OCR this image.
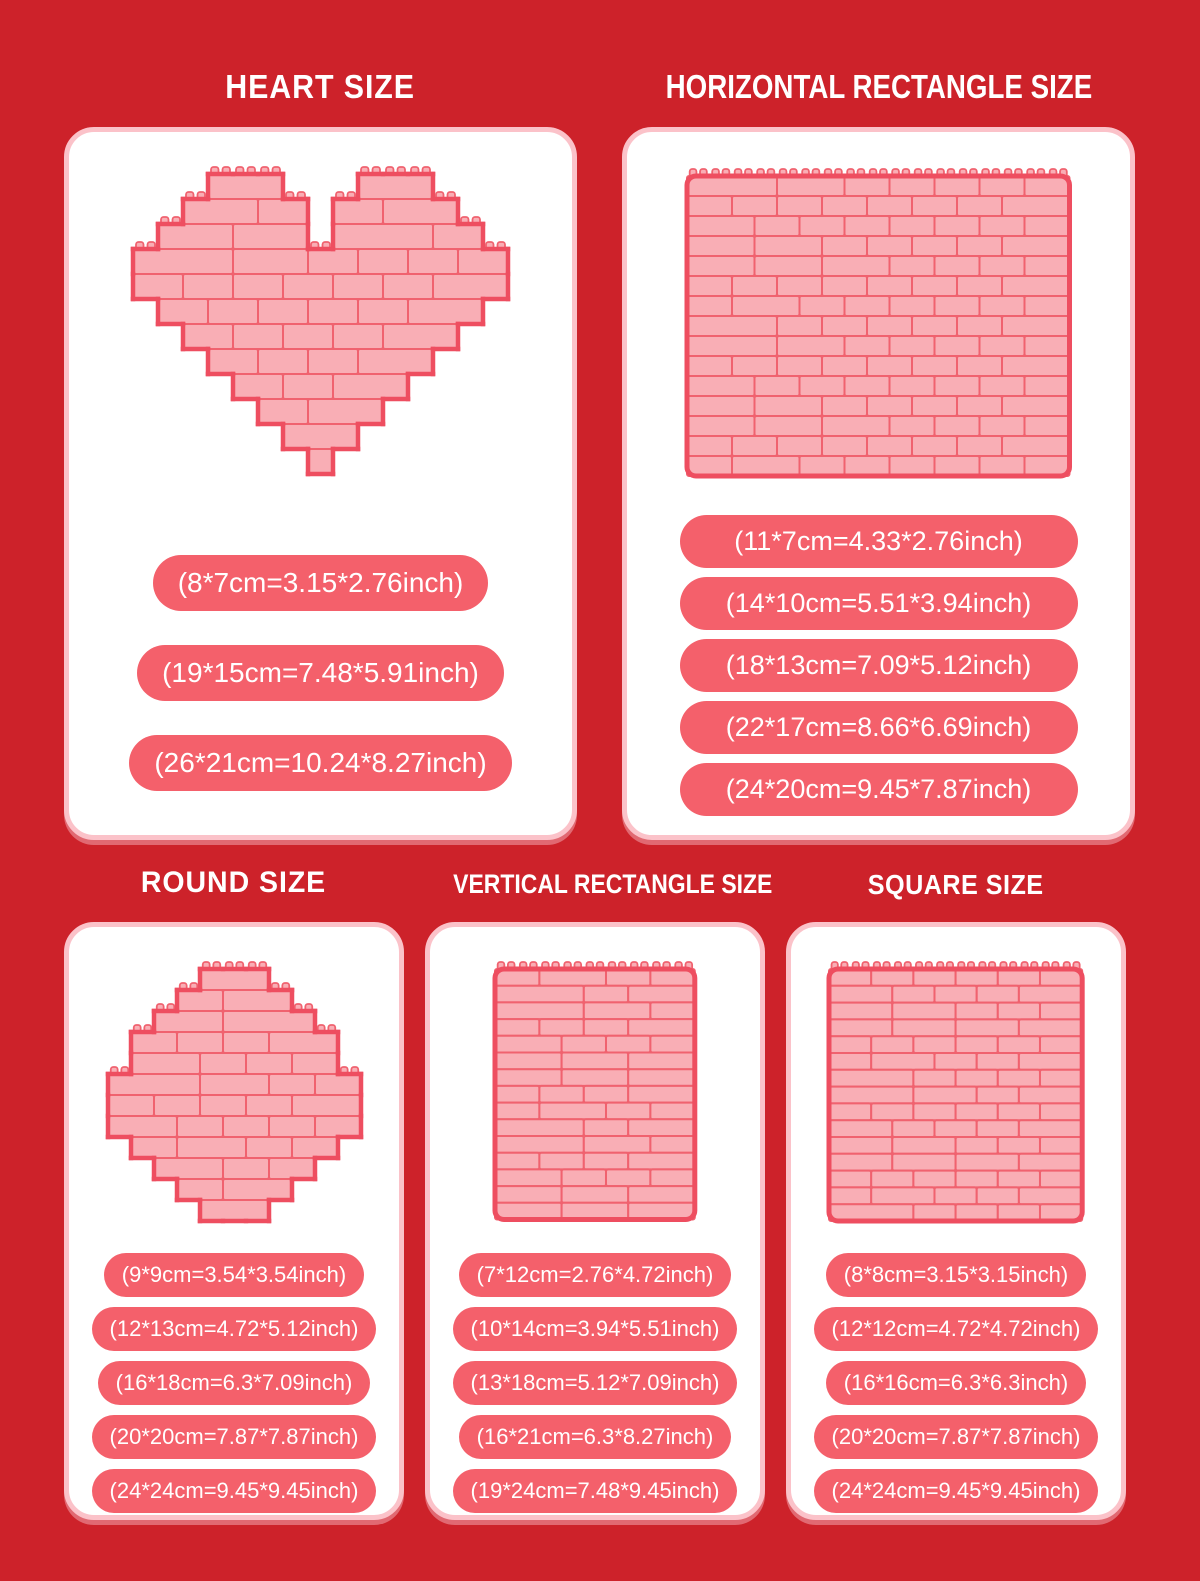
HEART SIZE	HORIZONTAL RECTANGLE SIZE
ROUND SIZE	VERTICAL RECTANGLE SIZE	SQUARE SIZE
(8*7cm=3.15*2.76inch)
(19*15cm=7.48*5.91inch)
(26*21cm=10.24*8.27inch)
(11*7cm=4.33*2.76inch)
(14*10cm=5.51*3.94inch)
(18*13cm=7.09*5.12inch)
(22*17cm=8.66*6.69inch)
(24*20cm=9.45*7.87inch)
(9*9cm=3.54*3.54inch)
(12*13cm=4.72*5.12inch)
(16*18cm=6.3*7.09inch)
(20*20cm=7.87*7.87inch)
(24*24cm=9.45*9.45inch)
(7*12cm=2.76*4.72inch)
(10*14cm=3.94*5.51inch)
(13*18cm=5.12*7.09inch)
(16*21cm=6.3*8.27inch)
(19*24cm=7.48*9.45inch)
(8*8cm=3.15*3.15inch)
(12*12cm=4.72*4.72inch)
(16*16cm=6.3*6.3inch)
(20*20cm=7.87*7.87inch)
(24*24cm=9.45*9.45inch)
